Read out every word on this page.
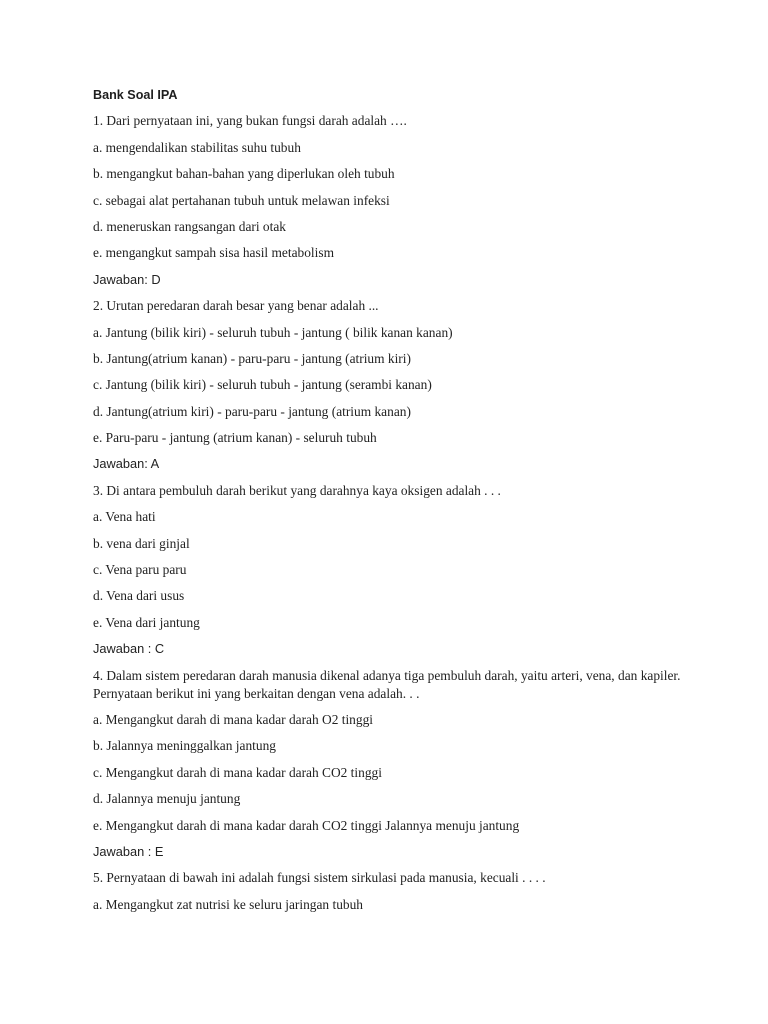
Bank Soal IPA
1. Dari pernyataan ini, yang bukan fungsi darah adalah ….
a. mengendalikan stabilitas suhu tubuh
b. mengangkut bahan-bahan yang diperlukan oleh tubuh
c. sebagai alat pertahanan tubuh untuk melawan infeksi
d. meneruskan rangsangan dari otak
e. mengangkut sampah sisa hasil metabolism
Jawaban: D
2. Urutan peredaran darah besar yang benar adalah ...
a. Jantung (bilik kiri) - seluruh tubuh - jantung ( bilik kanan kanan)
b. Jantung(atrium kanan) - paru-paru - jantung (atrium kiri)
c. Jantung (bilik kiri) - seluruh tubuh - jantung (serambi kanan)
d. Jantung(atrium kiri) - paru-paru - jantung (atrium kanan)
e. Paru-paru - jantung (atrium kanan) - seluruh tubuh
Jawaban: A
3. Di antara pembuluh darah berikut yang darahnya kaya oksigen adalah . . .
a. Vena hati
b. vena dari ginjal
c. Vena paru paru
d. Vena dari usus
e. Vena dari jantung
Jawaban : C
4. Dalam sistem peredaran darah manusia dikenal adanya tiga pembuluh darah, yaitu arteri, vena, dan kapiler. Pernyataan berikut ini yang berkaitan dengan vena adalah. . .
a. Mengangkut darah di mana kadar darah O2 tinggi
b. Jalannya meninggalkan jantung
c. Mengangkut darah di mana kadar darah CO2 tinggi
d. Jalannya menuju jantung
e. Mengangkut darah di mana kadar darah CO2 tinggi Jalannya menuju jantung
Jawaban : E
5. Pernyataan di bawah ini adalah fungsi sistem sirkulasi pada manusia, kecuali . . . .
a. Mengangkut zat nutrisi ke seluru jaringan tubuh
